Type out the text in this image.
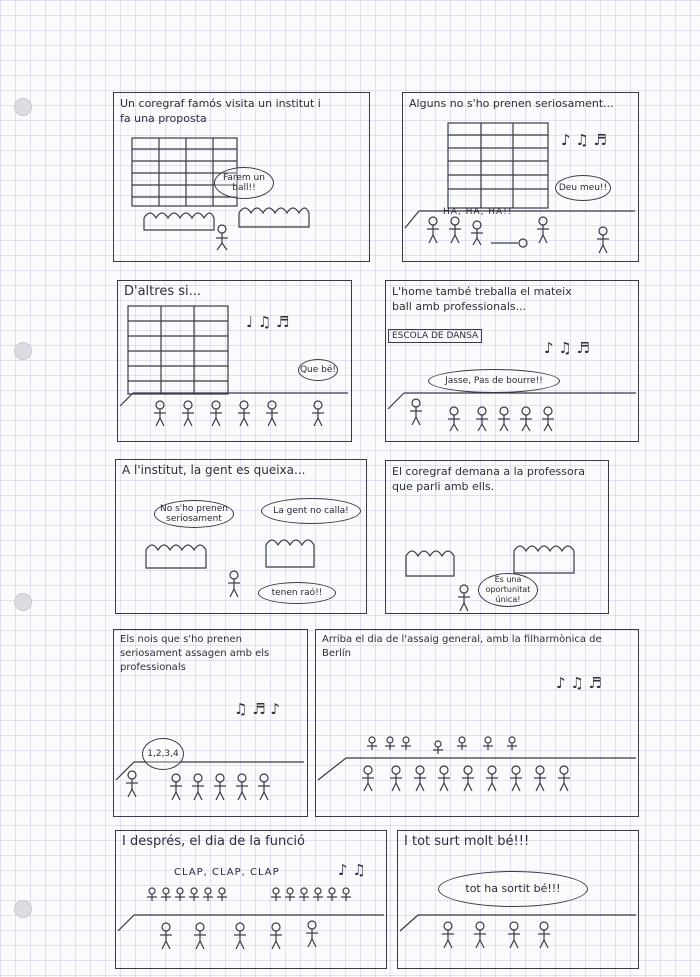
Un coregraf famós visita un institut i fa una proposta
Farem un ball!!
Alguns no s'ho prenen seriosament...
HA, HA, HA!!
♪ ♫ ♬
Deu meu!!
D'altres si...
♩ ♫ ♬
Que bé!
L'home també treballa el mateix ball amb professionals...
ESCOLA DE DANSA
♪ ♫ ♬
Jasse, Pas de bourre!!
A l'institut, la gent es queixa...
No s'ho prenen seriosament
La gent no calla!
tenen raó!!
El coregraf demana a la professora que parli amb ells.
És una oportunitat única!
Els nois que s'ho prenen seriosament assagen amb els professionals
♫ ♬ ♪
1,2,3,4
Arriba el dia de l'assaig general, amb la filharmònica de Berlín
♪ ♫ ♬
I després, el dia de la funció
CLAP, CLAP, CLAP	♪ ♫
I tot surt molt bé!!!
tot ha sortit bé!!!
